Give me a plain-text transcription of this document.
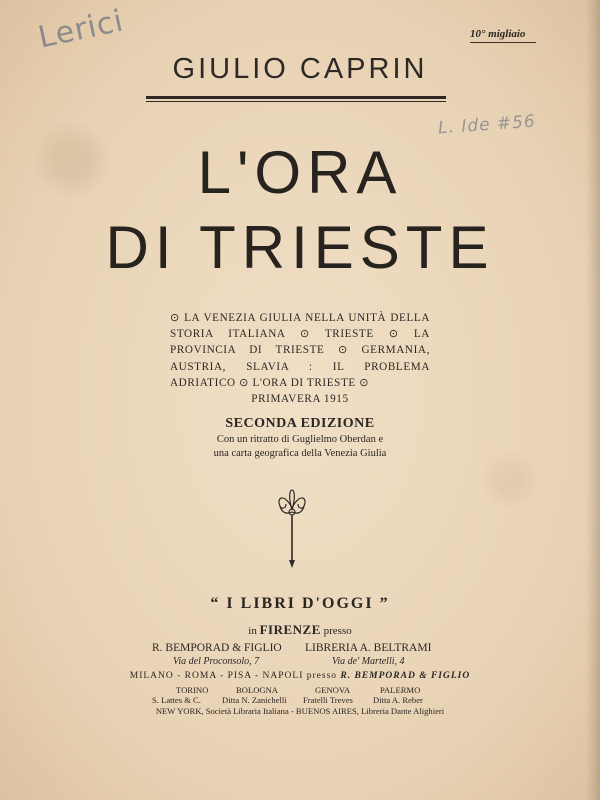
10° migliaio
Lerici
L. Ide #56
GIULIO CAPRIN
L'ORA
DI TRIESTE
⊙ LA VENEZIA GIULIA NELLA UNITÀ DELLA STORIA ITALIANA ⊙ TRIESTE ⊙ LA PROVINCIA DI TRIESTE ⊙ GERMANIA, AUSTRIA, SLAVIA : IL PROBLEMA ADRIATICO ⊙ L'ORA DI TRIESTE ⊙
PRIMAVERA 1915
SECONDA EDIZIONE
Con un ritratto di Guglielmo Oberdan e una carta geografica della Venezia Giulia
“ I LIBRI D'OGGI ”
in FIRENZE presso
R. BEMPORAD & FIGLIO
Via del Proconsolo, 7
LIBRERIA A. BELTRAMI
Via de' Martelli, 4
MILANO - ROMA - PISA - NAPOLI presso R. BEMPORAD & FIGLIO
TORINO
S. Lattes & C.
BOLOGNA
Ditta N. Zanichelli
GENOVA
Fratelli Treves
PALERMO
Ditta A. Reber
NEW YORK, Società Libraria Italiana - BUENOS AIRES, Libreria Dante Alighieri
